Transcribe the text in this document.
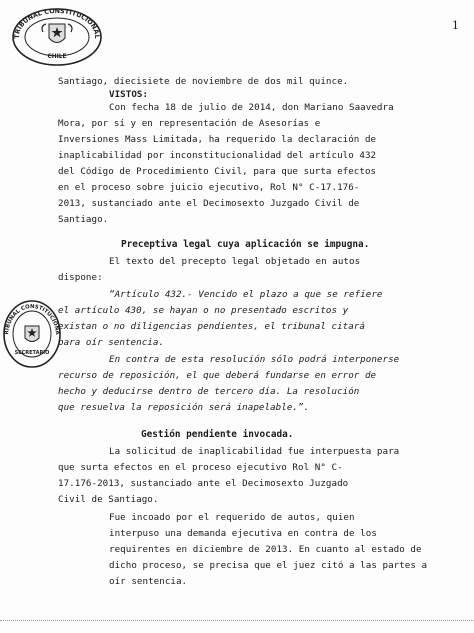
TRIBUNAL CONSTITUCIONAL
CHILE
1
Santiago, diecisiete de noviembre de dos mil quince.
VISTOS:
Con fecha 18 de julio de 2014, don Mariano Saavedra
Mora, por sí y en representación de Asesorías e
Inversiones Mass Limitada, ha requerido la declaración de
inaplicabilidad por inconstitucionalidad del artículo 432
del Código de Procedimiento Civil, para que surta efectos
en el proceso sobre juicio ejecutivo, Rol N° C-17.176-
2013, sustanciado ante el Decimosexto Juzgado Civil de
Santiago.
Preceptiva legal cuya aplicación se impugna.
El texto del precepto legal objetado en autos
dispone:
“Artículo 432.- Vencido el plazo a que se refiere
el artículo 430, se hayan o no presentado escritos y
existan o no diligencias pendientes, el tribunal citará
para oír sentencia.
En contra de esta resolución sólo podrá interponerse
recurso de reposición, el que deberá fundarse en error de
hecho y deducirse dentro de tercero día. La resolución
que resuelva la reposición será inapelable.”.
RIBUNAL CONSTITUCIONA
SECRETARIO
Gestión pendiente invocada.
La solicitud de inaplicabilidad fue interpuesta para
que surta efectos en el proceso ejecutivo Rol N° C-
17.176-2013, sustanciado ante el Decimosexto Juzgado
Civil de Santiago.
Fue incoado por el requerido de autos, quien
interpuso una demanda ejecutiva en contra de los
requirentes en diciembre de 2013. En cuanto al estado de
dicho proceso, se precisa que el juez citó a las partes a
oír sentencia.
